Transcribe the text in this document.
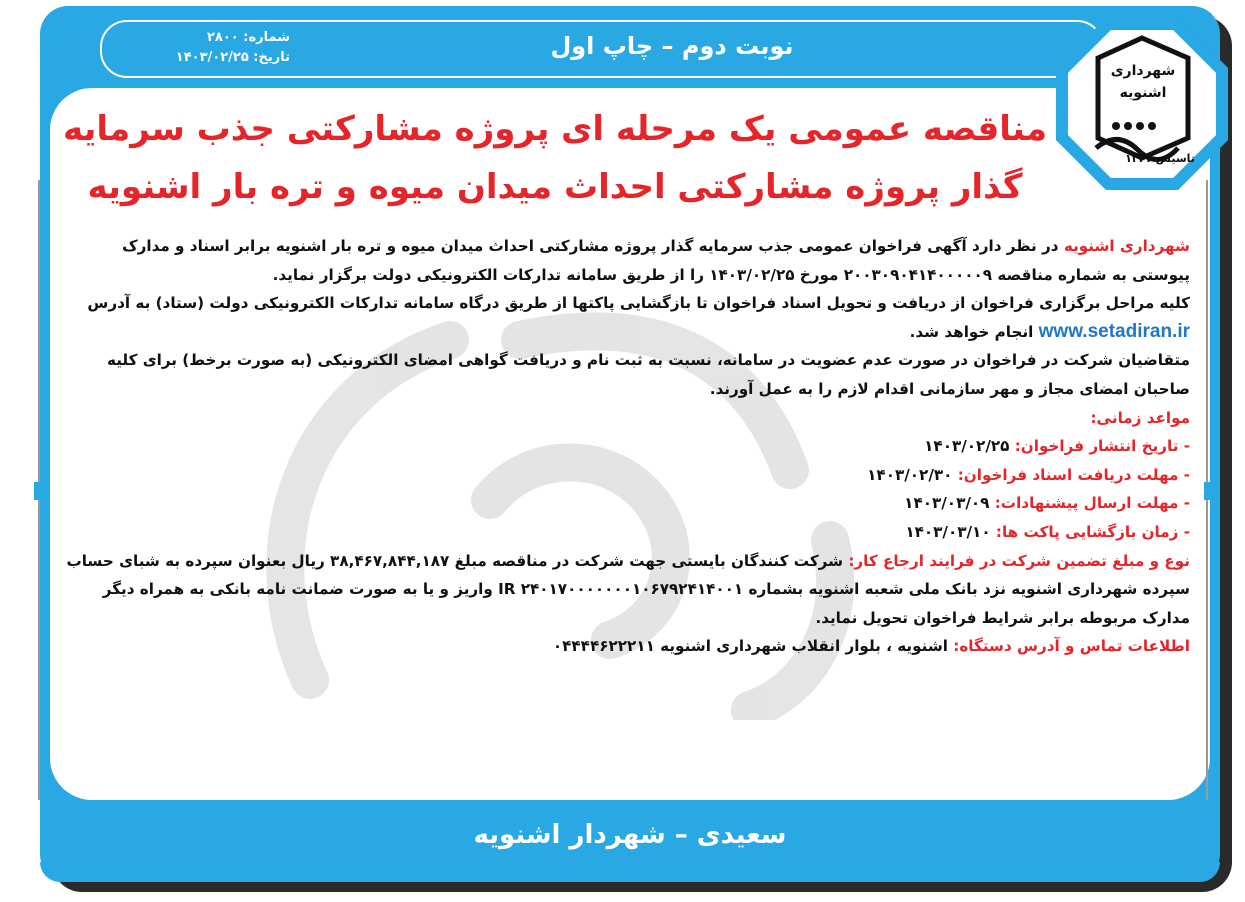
نوبت دوم – چاپ اول
شماره: ۲۸۰۰
تاریخ: ۱۴۰۳/۰۲/۲۵
شهرداری
اشنویه
تاسیس ۱۳۳۷
مناقصه عمومی یک مرحله ای پروژه مشارکتی جذب سرمایه گذار پروژه مشارکتی احداث میدان میوه و تره بار اشنویه

شهرداری اشنویه در نظر دارد آگهی فراخوان عمومی جذب سرمایه گذار پروژه مشارکتی احداث میدان میوه و تره بار اشنویه برابر اسناد و مدارک پیوستی به شماره مناقصه ۲۰۰۳۰۹۰۴۱۴۰۰۰۰۰۹ مورخ ۱۴۰۳/۰۲/۲۵ را از طریق سامانه تدارکات الکترونیکی دولت برگزار نماید.

کلیه مراحل برگزاری فراخوان از دریافت و تحویل اسناد فراخوان تا بازگشایی پاکتها از طریق درگاه سامانه تدارکات الکترونیکی دولت (ستاد) به آدرس www.setadiran.ir انجام خواهد شد.

متقاضیان شرکت در فراخوان در صورت عدم عضویت در سامانه، نسبت به ثبت نام و دریافت گواهی امضای الکترونیکی (به صورت برخط) برای کلیه صاحبان امضای مجاز و مهر سازمانی اقدام لازم را به عمل آورند.

مواعد زمانی:

- تاریخ انتشار فراخوان: ۱۴۰۳/۰۲/۲۵

- مهلت دریافت اسناد فراخوان: ۱۴۰۳/۰۲/۳۰

- مهلت ارسال پیشنهادات: ۱۴۰۳/۰۳/۰۹

- زمان بازگشایی پاکت ها: ۱۴۰۳/۰۳/۱۰

نوع و مبلغ تضمین شرکت در فرایند ارجاع کار: شرکت کنندگان بایستی جهت شرکت در مناقصه مبلغ ۳۸,۴۶۷,۸۴۴,۱۸۷ ریال بعنوان سپرده به شبای حساب سپرده شهرداری اشنویه نزد بانک ملی شعبه اشنویه بشماره IR ۲۴۰۱۷۰۰۰۰۰۰۰۱۰۶۷۹۲۴۱۴۰۰۱ واریز و یا به صورت ضمانت نامه بانکی به همراه دیگر مدارک مربوطه برابر شرایط فراخوان تحویل نماید.

اطلاعات تماس و آدرس دستگاه: اشنویه ، بلوار انقلاب شهرداری اشنویه ۰۴۴۴۴۶۲۲۲۱۱

سعیدی – شهردار اشنویه
